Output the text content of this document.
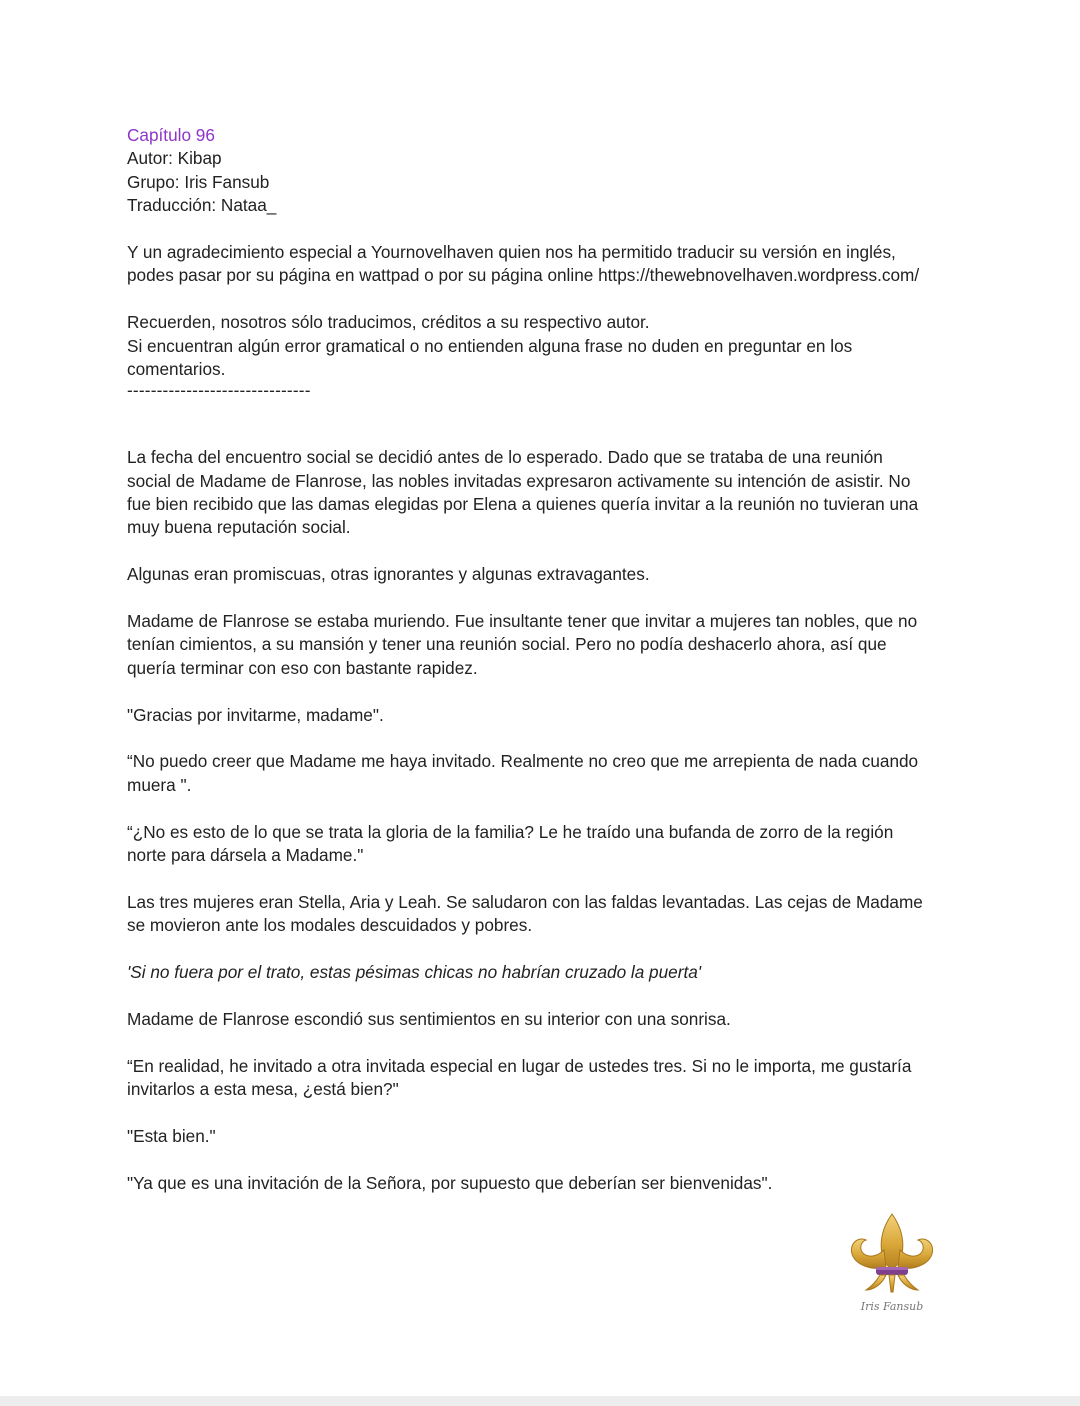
Capítulo 96
Autor: Kibap
Grupo: Iris Fansub
Traducción: Nataa_

Y un agradecimiento especial a Yournovelhaven quien nos ha permitido traducir su versión en inglés,
podes pasar por su página en wattpad o por su página online https://thewebnovelhaven.wordpress.com/

Recuerden, nosotros sólo traducimos, créditos a su respectivo autor.
Si encuentran algún error gramatical o no entienden alguna frase no duden en preguntar en los
comentarios.

-------------------------------

La fecha del encuentro social se decidió antes de lo esperado. Dado que se trataba de una reunión
social de Madame de Flanrose, las nobles invitadas expresaron activamente su intención de asistir. No
fue bien recibido que las damas elegidas por Elena a quienes quería invitar a la reunión no tuvieran una
muy buena reputación social.

Algunas eran promiscuas, otras ignorantes y algunas extravagantes.

Madame de Flanrose se estaba muriendo. Fue insultante tener que invitar a mujeres tan nobles, que no
tenían cimientos, a su mansión y tener una reunión social. Pero no podía deshacerlo ahora, así que
quería terminar con eso con bastante rapidez.

"Gracias por invitarme, madame".

“No puedo creer que Madame me haya invitado. Realmente no creo que me arrepienta de nada cuando
muera ".

“¿No es esto de lo que se trata la gloria de la familia? Le he traído una bufanda de zorro de la región
norte para dársela a Madame."

Las tres mujeres eran Stella, Aria y Leah. Se saludaron con las faldas levantadas. Las cejas de Madame
se movieron ante los modales descuidados y pobres.

'Si no fuera por el trato, estas pésimas chicas no habrían cruzado la puerta'

Madame de Flanrose escondió sus sentimientos en su interior con una sonrisa.

“En realidad, he invitado a otra invitada especial en lugar de ustedes tres. Si no le importa, me gustaría
invitarlos a esta mesa, ¿está bien?"

"Esta bien."

"Ya que es una invitación de la Señora, por supuesto que deberían ser bienvenidas".

Iris Fansub
